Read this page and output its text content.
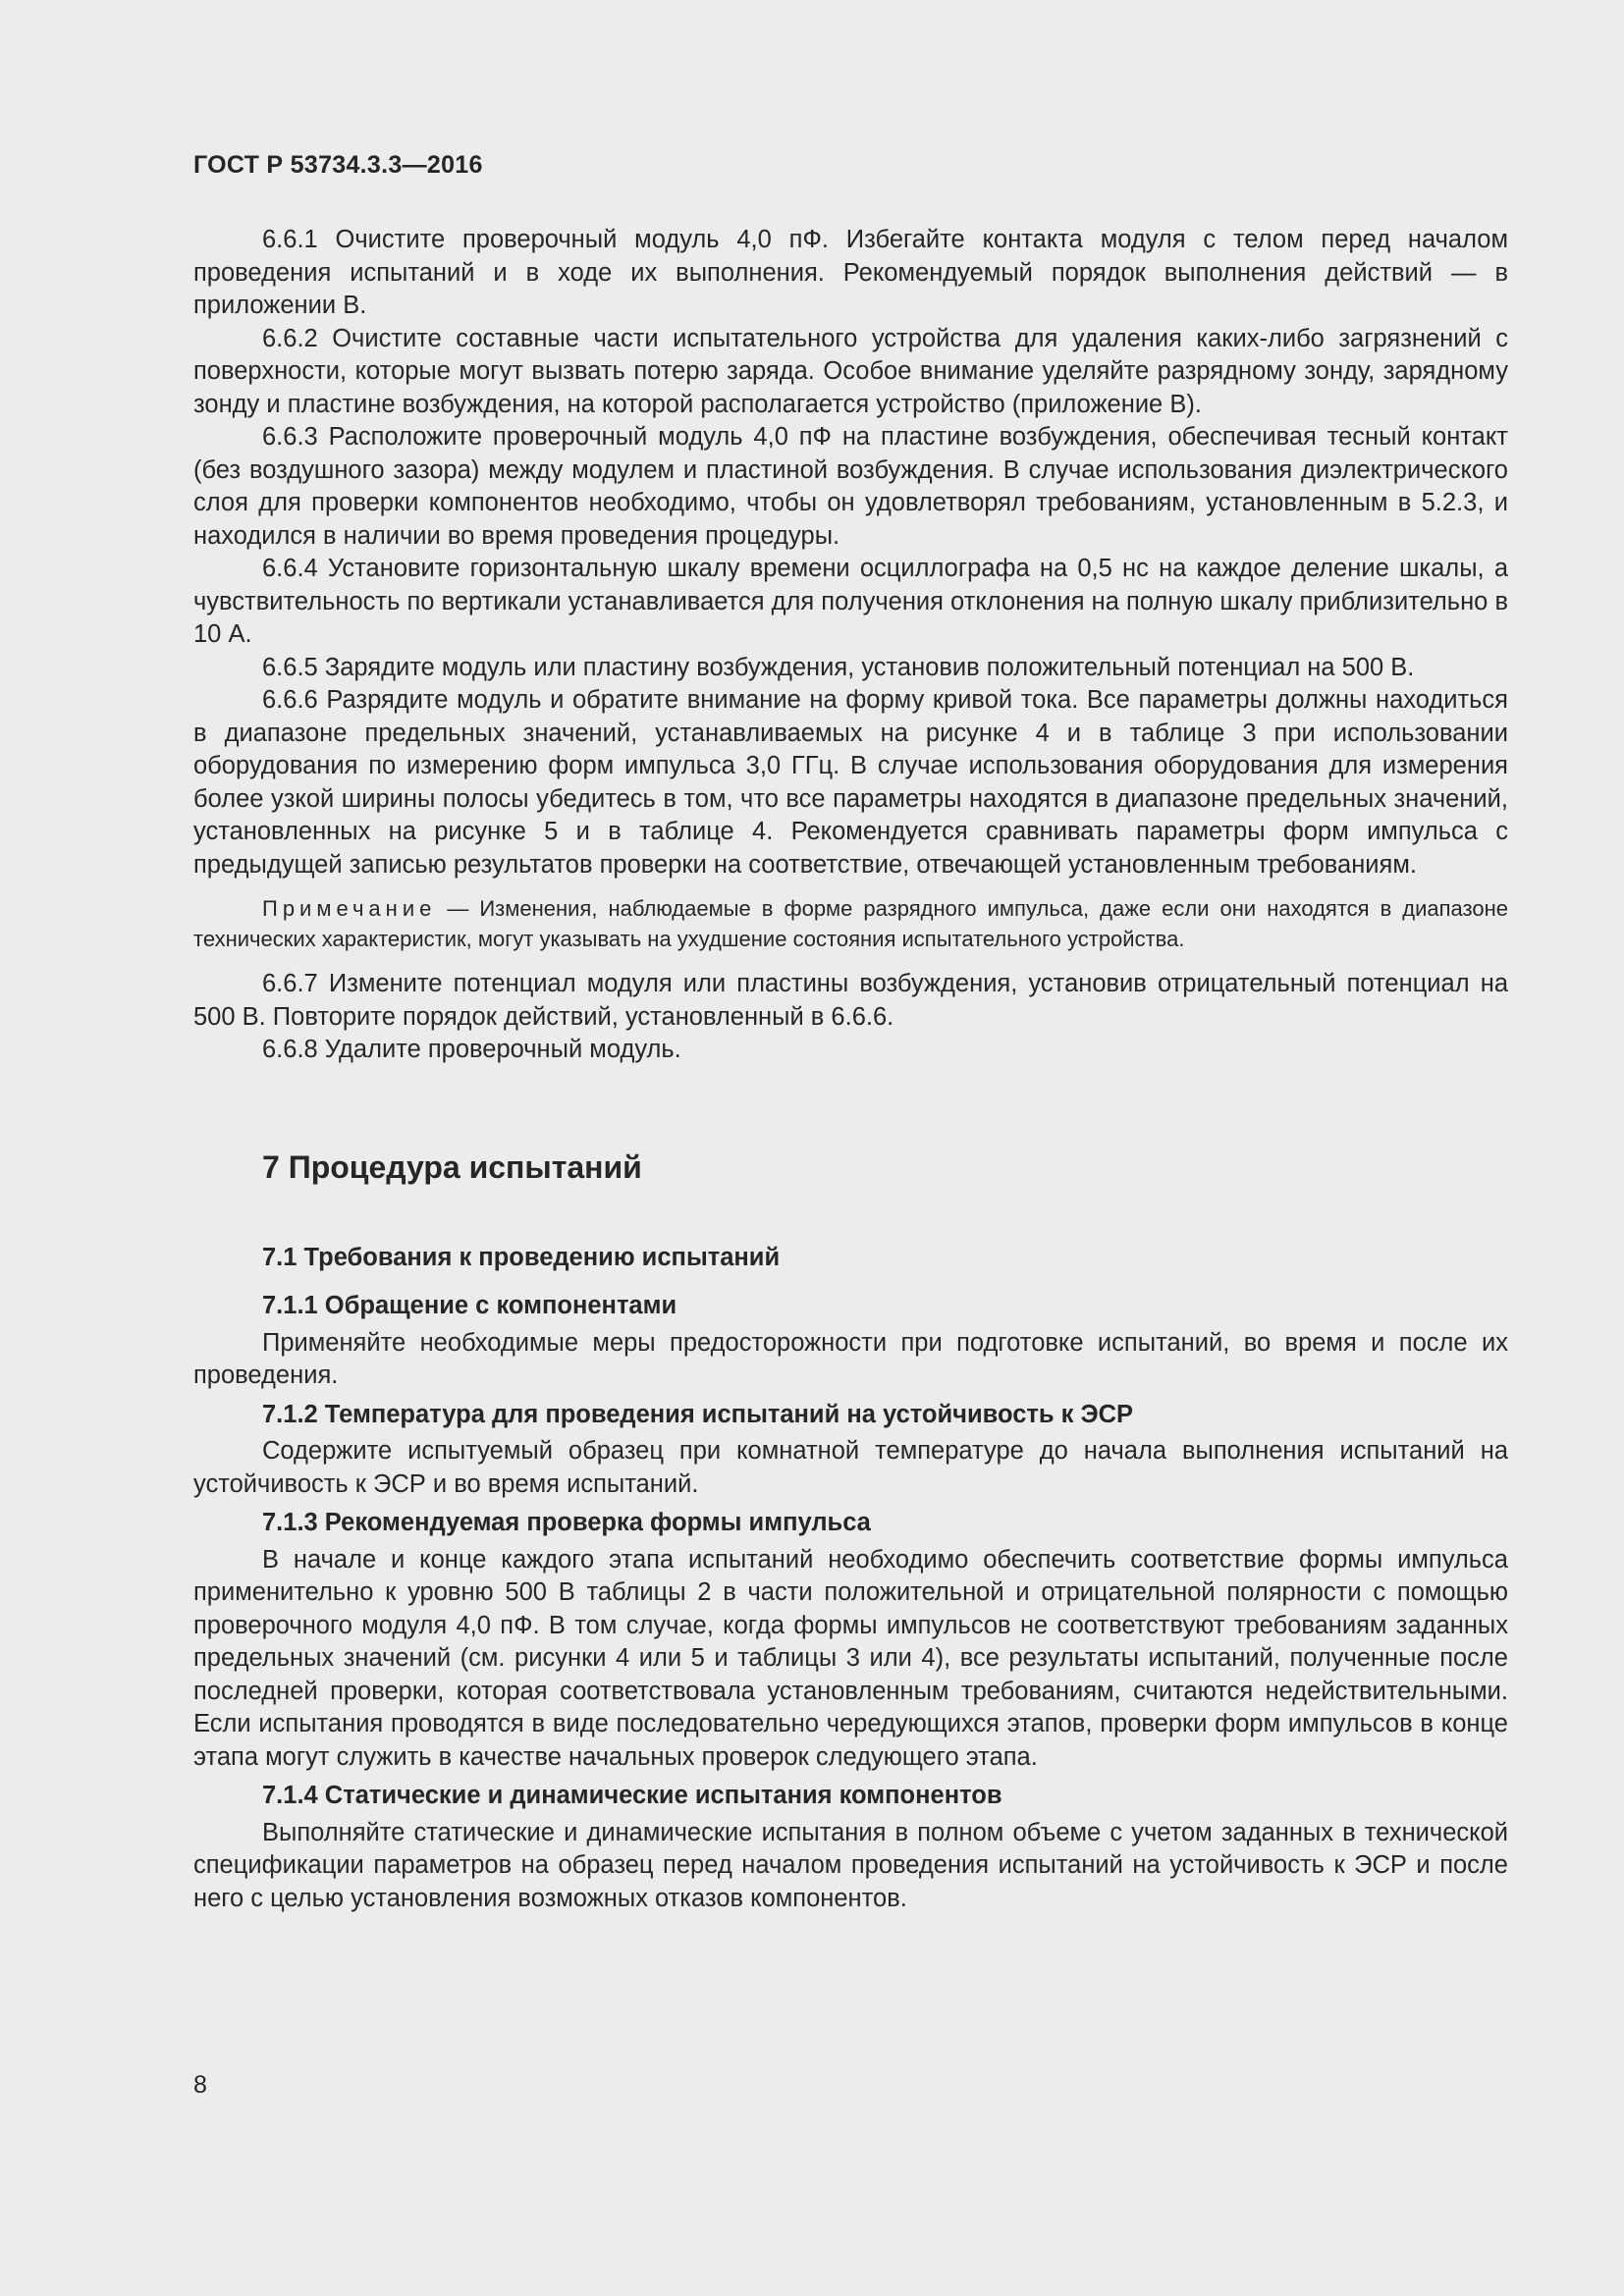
ГОСТ Р 53734.3.3—2016

6.6.1 Очистите проверочный модуль 4,0 пФ. Избегайте контакта модуля с телом перед началом проведения испытаний и в ходе их выполнения. Рекомендуемый порядок выполнения действий — в приложении В.

6.6.2 Очистите составные части испытательного устройства для удаления каких-либо загрязнений с поверхности, которые могут вызвать потерю заряда. Особое внимание уделяйте разрядному зонду, зарядному зонду и пластине возбуждения, на которой располагается устройство (приложение В).

6.6.3 Расположите проверочный модуль 4,0 пФ на пластине возбуждения, обеспечивая тесный контакт (без воздушного зазора) между модулем и пластиной возбуждения. В случае использования диэлектрического слоя для проверки компонентов необходимо, чтобы он удовлетворял требованиям, установленным в 5.2.3, и находился в наличии во время проведения процедуры.

6.6.4 Установите горизонтальную шкалу времени осциллографа на 0,5 нс на каждое деление шкалы, а чувствительность по вертикали устанавливается для получения отклонения на полную шкалу приблизительно в 10 А.

6.6.5 Зарядите модуль или пластину возбуждения, установив положительный потенциал на 500 В.

6.6.6 Разрядите модуль и обратите внимание на форму кривой тока. Все параметры должны находиться в диапазоне предельных значений, устанавливаемых на рисунке 4 и в таблице 3 при использовании оборудования по измерению форм импульса 3,0 ГГц. В случае использования оборудования для измерения более узкой ширины полосы убедитесь в том, что все параметры находятся в диапазоне предельных значений, установленных на рисунке 5 и в таблице 4. Рекомендуется сравнивать параметры форм импульса с предыдущей записью результатов проверки на соответствие, отвечающей установленным требованиям.

Примечание — Изменения, наблюдаемые в форме разрядного импульса, даже если они находятся в диапазоне технических характеристик, могут указывать на ухудшение состояния испытательного устройства.

6.6.7 Измените потенциал модуля или пластины возбуждения, установив отрицательный потенциал на 500 В. Повторите порядок действий, установленный в 6.6.6.

6.6.8 Удалите проверочный модуль.

7 Процедура испытаний
7.1 Требования к проведению испытаний
7.1.1 Обращение с компонентами

Применяйте необходимые меры предосторожности при подготовке испытаний, во время и после их проведения.

7.1.2 Температура для проведения испытаний на устойчивость к ЭСР

Содержите испытуемый образец при комнатной температуре до начала выполнения испытаний на устойчивость к ЭСР и во время испытаний.

7.1.3 Рекомендуемая проверка формы импульса

В начале и конце каждого этапа испытаний необходимо обеспечить соответствие формы импульса применительно к уровню 500 В таблицы 2 в части положительной и отрицательной полярности с помощью проверочного модуля 4,0 пФ. В том случае, когда формы импульсов не соответствуют требованиям заданных предельных значений (см. рисунки 4 или 5 и таблицы 3 или 4), все результаты испытаний, полученные после последней проверки, которая соответствовала установленным требованиям, считаются недействительными. Если испытания проводятся в виде последовательно чередующихся этапов, проверки форм импульсов в конце этапа могут служить в качестве начальных проверок следующего этапа.

7.1.4 Статические и динамические испытания компонентов

Выполняйте статические и динамические испытания в полном объеме с учетом заданных в технической спецификации параметров на образец перед началом проведения испытаний на устойчивость к ЭСР и после него с целью установления возможных отказов компонентов.

8
